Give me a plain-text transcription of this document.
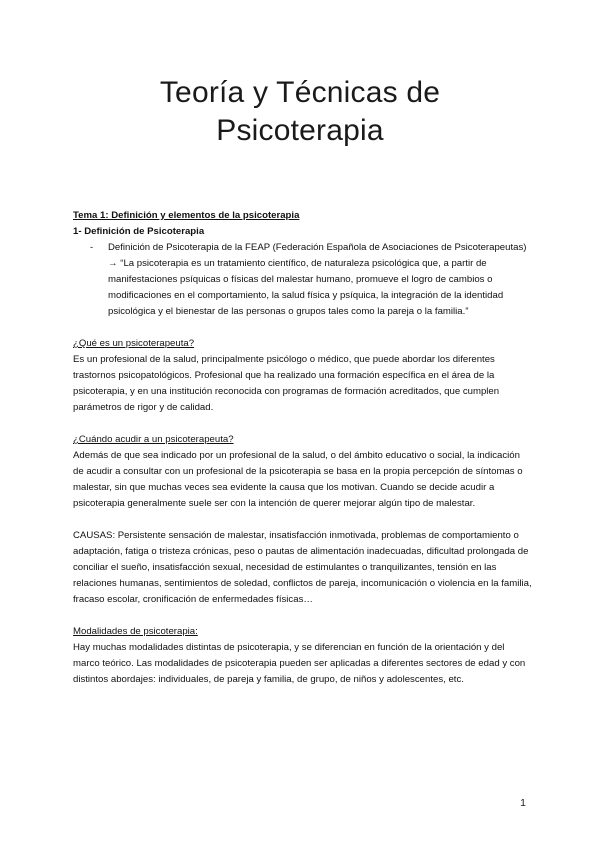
Teoría y Técnicas de
Psicoterapia

Tema 1: Definición y elementos de la psicoterapia

1- Definición de Psicoterapia

-	Definición de Psicoterapia de la FEAP (Federación Española de Asociaciones de Psicoterapeutas) → “La psicoterapia es un tratamiento científico, de naturaleza psicológica que, a partir de manifestaciones psíquicas o físicas del malestar humano, promueve el logro de cambios o modificaciones en el comportamiento, la salud física y psíquica, la integración de la identidad psicológica y el bienestar de las personas o grupos tales como la pareja o la familia.”

¿Qué es un psicoterapeuta?

Es un profesional de la salud, principalmente psicólogo o médico, que puede abordar los diferentes trastornos psicopatológicos. Profesional que ha realizado una formación específica en el área de la psicoterapia, y en una institución reconocida con programas de formación acreditados, que cumplen parámetros de rigor y de calidad.

¿Cuándo acudir a un psicoterapeuta?

Además de que sea indicado por un profesional de la salud, o del ámbito educativo o social, la indicación de acudir a consultar con un profesional de la psicoterapia se basa en la propia percepción de síntomas o malestar, sin que muchas veces sea evidente la causa que los motivan. Cuando se decide acudir a psicoterapia generalmente suele ser con la intención de querer mejorar algún tipo de malestar.

CAUSAS: Persistente sensación de malestar, insatisfacción inmotivada, problemas de comportamiento o adaptación, fatiga o tristeza crónicas, peso o pautas de alimentación inadecuadas, dificultad prolongada de conciliar el sueño, insatisfacción sexual, necesidad de estimulantes o tranquilizantes, tensión en las relaciones humanas, sentimientos de soledad, conflictos de pareja, incomunicación o violencia en la familia, fracaso escolar, cronificación de enfermedades físicas…

Modalidades de psicoterapia:

Hay muchas modalidades distintas de psicoterapia, y se diferencian en función de la orientación y del marco teórico. Las modalidades de psicoterapia pueden ser aplicadas a diferentes sectores de edad y con distintos abordajes: individuales, de pareja y familia, de grupo, de niños y adolescentes, etc.

1
